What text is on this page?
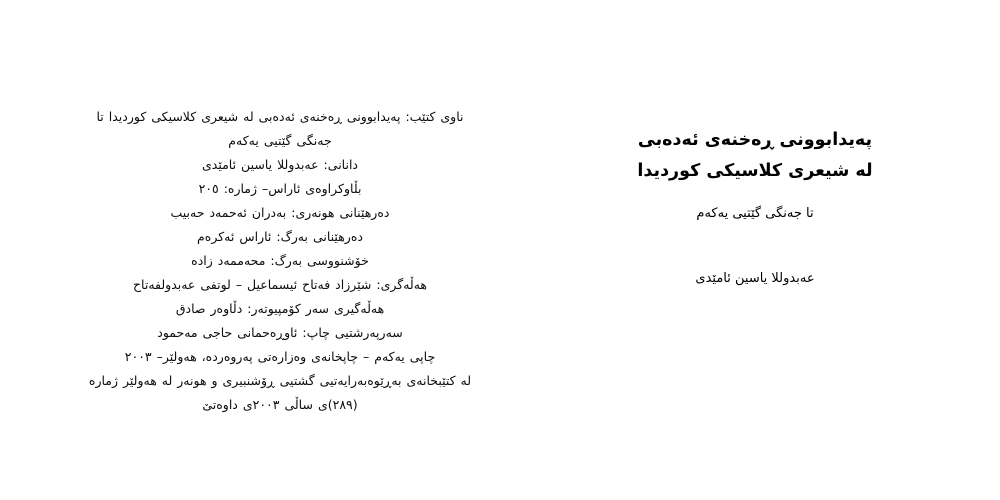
ناوی کتێب: پەیدابوونی ڕەخنەی ئەدەبی لە شیعری کلاسیکی کوردیدا تا
جەنگی گێتیی یەکەم
دانانی: عەبدوللا یاسین ئامێدی
بڵاوکراوەی ئاراس– ژمارە: ٢٠٥
دەرهێنانی هونەری: بەدران ئەحمەد حەبیب
دەرهێنانی بەرگ: ئاراس ئەکرەم
خۆشنووسی بەرگ: محەممەد زادە
هەڵەگری: شێرزاد فەتاح ئیسماعیل – لوتفی عەبدولفەتاح
هەڵەگیری سەر کۆمپیوتەر: دڵاوەر صادق
سەرپەرشتیی چاپ: ئاوڕەحمانی حاجی مەحمود
چاپی یەکەم – چاپخانەی وەزارەتی پەروەردە، هەولێر– ٢٠٠٣
لە کتێبخانەی بەڕێوەبەرایەتیی گشتیی ڕۆشنبیری و هونەر لە هەولێر ژمارە
(٢٨٩)ی ساڵی ٢٠٠٣ی داوەتێ
پەیدابوونی ڕەخنەی ئەدەبی
لە شیعری کلاسیکی کوردیدا
تا جەنگی گێتیی یەکەم
عەبدوللا یاسین ئامێدی
